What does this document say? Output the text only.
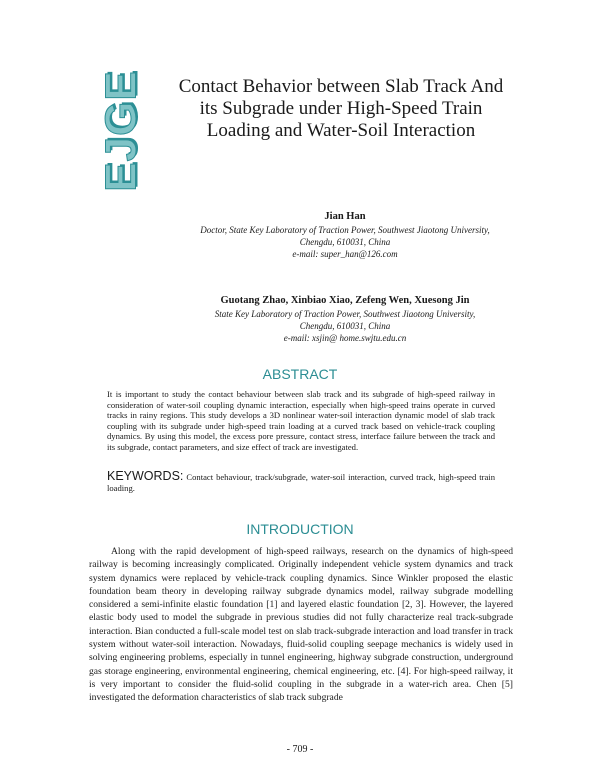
EJGE Contact Behavior between Slab Track And its Subgrade under High-Speed Train Loading and Water-Soil Interaction
Jian Han
Doctor, State Key Laboratory of Traction Power, Southwest Jiaotong University,
Chengdu, 610031, China
e-mail: super_han@126.com
Guotang Zhao, Xinbiao Xiao, Zefeng Wen, Xuesong Jin
State Key Laboratory of Traction Power, Southwest Jiaotong University,
Chengdu, 610031, China
e-mail: xsjin@ home.swjtu.edu.cn
ABSTRACT

It is important to study the contact behaviour between slab track and its subgrade of high-speed railway in consideration of water-soil coupling dynamic interaction, especially when high-speed trains operate in curved tracks in rainy regions. This study develops a 3D nonlinear water-soil interaction dynamic model of slab track coupling with its subgrade under high-speed train loading at a curved track based on vehicle-track coupling dynamics. By using this model, the excess pore pressure, contact stress, interface failure between the track and its subgrade, contact parameters, and size effect of track are investigated.

KEYWORDS: Contact behaviour, track/subgrade, water-soil interaction, curved track, high-speed train loading.

INTRODUCTION

Along with the rapid development of high-speed railways, research on the dynamics of high-speed railway is becoming increasingly complicated. Originally independent vehicle system dynamics and track system dynamics were replaced by vehicle-track coupling dynamics. Since Winkler proposed the elastic foundation beam theory in developing railway subgrade dynamics model, railway subgrade modelling considered a semi-infinite elastic foundation [1] and layered elastic foundation [2, 3]. However, the layered elastic body used to model the subgrade in previous studies did not fully characterize real track-subgrade interaction. Bian conducted a full-scale model test on slab track-subgrade interaction and load transfer in track system without water-soil interaction. Nowadays, fluid-solid coupling seepage mechanics is widely used in solving engineering problems, especially in tunnel engineering, highway subgrade construction, underground gas storage engineering, environmental engineering, chemical engineering, etc. [4]. For high-speed railway, it is very important to consider the fluid-solid coupling in the subgrade in a water-rich area. Chen [5] investigated the deformation characteristics of slab track subgrade

- 709 -
